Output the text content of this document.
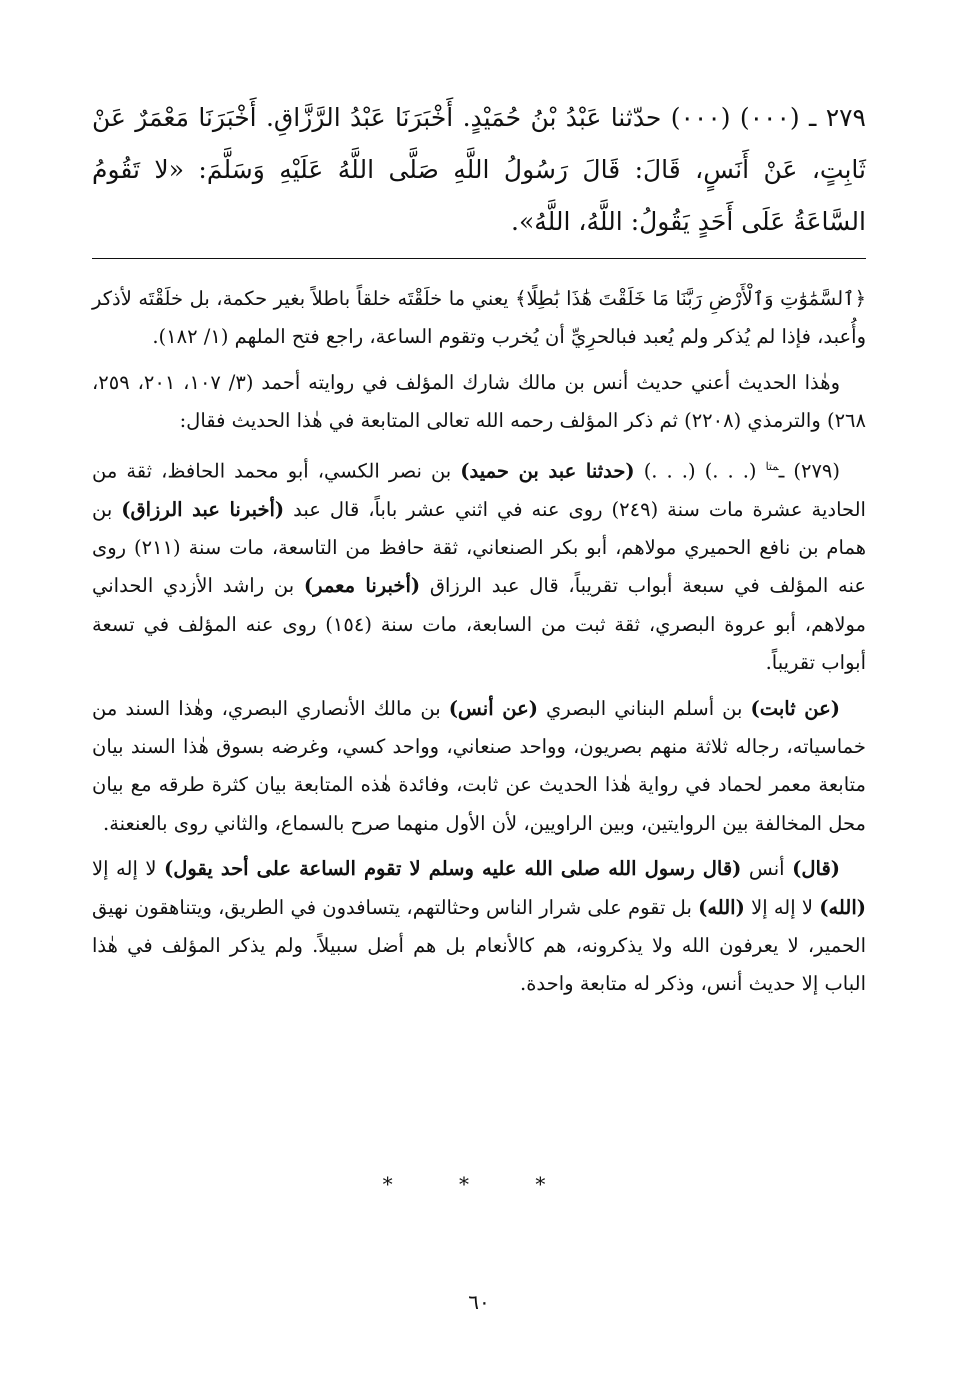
٢٧٩ ـ (٠٠٠) (٠٠٠) حدّثنا عَبْدُ بْنُ حُمَيْدٍ. أَخْبَرَنَا عَبْدُ الرَّزَّاقِ. أَخْبَرَنَا مَعْمَرٌ عَنْ ثَابِتٍ، عَنْ أَنَسٍ، قَالَ: قَالَ رَسُولُ اللَّهِ صَلَّى اللَّهُ عَلَيْهِ وَسَلَّمَ: «لا تَقُومُ السَّاعَةُ عَلَى أَحَدٍ يَقُولُ: اللَّهُ، اللَّهُ».

﴿ٱلسَّمَٰوَٰتِ وَٱلْأَرْضِ رَبَّنَا مَا خَلَقْتَ هَٰذَا بَٰطِلًا﴾ يعني ما خلَقْتَه خلقاً باطلاً بغير حكمة، بل خلَقْتَه لأذكر وأُعبد، فإذا لم يُذكر ولم يُعبد فبالحرِيِّ أن يُخرب وتقوم الساعة، راجع فتح الملهم (١/ ١٨٢).

وهٰذا الحديث أعني حديث أنس بن مالك شارك المؤلف في روايته أحمد (٣/ ١٠٧، ٢٠١، ٢٥٩، ٢٦٨) والترمذي (٢٢٠٨) ثم ذكر المؤلف رحمه الله تعالى المتابعة في هٰذا الحديث فقال:

(٢٧٩) ـ$^{متا}$ (. . .) (. . .) (حدثنا عبد بن حميد) بن نصر الكسي، أبو محمد الحافظ، ثقة من الحادية عشرة مات سنة (٢٤٩) روى عنه في اثني عشر باباً، قال عبد (أخبرنا عبد الرزاق) بن همام بن نافع الحميري مولاهم، أبو بكر الصنعاني، ثقة حافظ من التاسعة، مات سنة (٢١١) روى عنه المؤلف في سبعة أبواب تقريباً، قال عبد الرزاق (أخبرنا معمر) بن راشد الأزدي الحداني مولاهم، أبو عروة البصري، ثقة ثبت من السابعة، مات سنة (١٥٤) روى عنه المؤلف في تسعة أبواب تقريباً.

(عن ثابت) بن أسلم البناني البصري (عن أنس) بن مالك الأنصاري البصري، وهٰذا السند من خماسياته، رجاله ثلاثة منهم بصريون، وواحد صنعاني، وواحد كسي، وغرضه بسوق هٰذا السند بيان متابعة معمر لحماد في رواية هٰذا الحديث عن ثابت، وفائدة هٰذه المتابعة بيان كثرة طرقه مع بيان محل المخالفة بين الروايتين، وبين الراويين، لأن الأول منهما صرح بالسماع، والثاني روى بالعنعنة.

(قال) أنس (قال رسول الله صلى الله عليه وسلم لا تقوم الساعة على أحد يقول) لا إله إلا (الله) لا إله إلا (الله) بل تقوم على شرار الناس وحثالتهم، يتسافدون في الطريق، ويتناهقون نهيق الحمير، لا يعرفون الله ولا يذكرونه، هم كالأنعام بل هم أضل سبيلاً. ولم يذكر المؤلف في هٰذا الباب إلا حديث أنس، وذكر له متابعة واحدة.

* * *
٦٠
